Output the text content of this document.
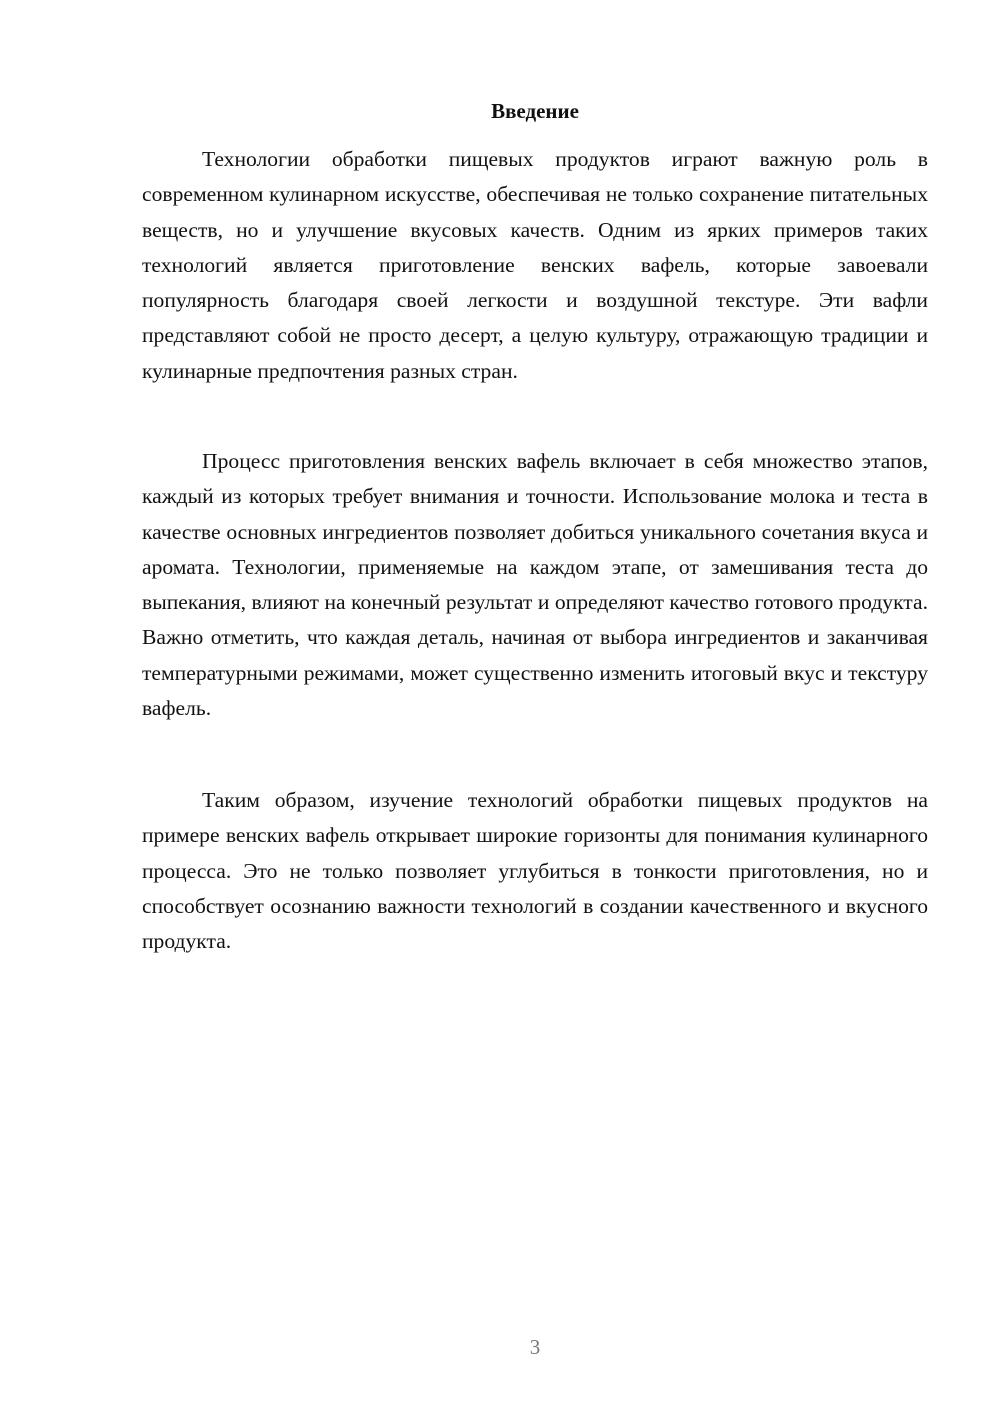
Введение

Технологии обработки пищевых продуктов играют важную роль в современном кулинарном искусстве, обеспечивая не только сохранение питательных веществ, но и улучшение вкусовых качеств. Одним из ярких примеров таких технологий является приготовление венских вафель, которые завоевали популярность благодаря своей легкости и воздушной текстуре. Эти вафли представляют собой не просто десерт, а целую культуру, отражающую традиции и кулинарные предпочтения разных стран.

Процесс приготовления венских вафель включает в себя множество этапов, каждый из которых требует внимания и точности. Использование молока и теста в качестве основных ингредиентов позволяет добиться уникального сочетания вкуса и аромата. Технологии, применяемые на каждом этапе, от замешивания теста до выпекания, влияют на конечный результат и определяют качество готового продукта. Важно отметить, что каждая деталь, начиная от выбора ингредиентов и заканчивая температурными режимами, может существенно изменить итоговый вкус и текстуру вафель.

Таким образом, изучение технологий обработки пищевых продуктов на примере венских вафель открывает широкие горизонты для понимания кулинарного процесса. Это не только позволяет углубиться в тонкости приготовления, но и способствует осознанию важности технологий в создании качественного и вкусного продукта.

3
